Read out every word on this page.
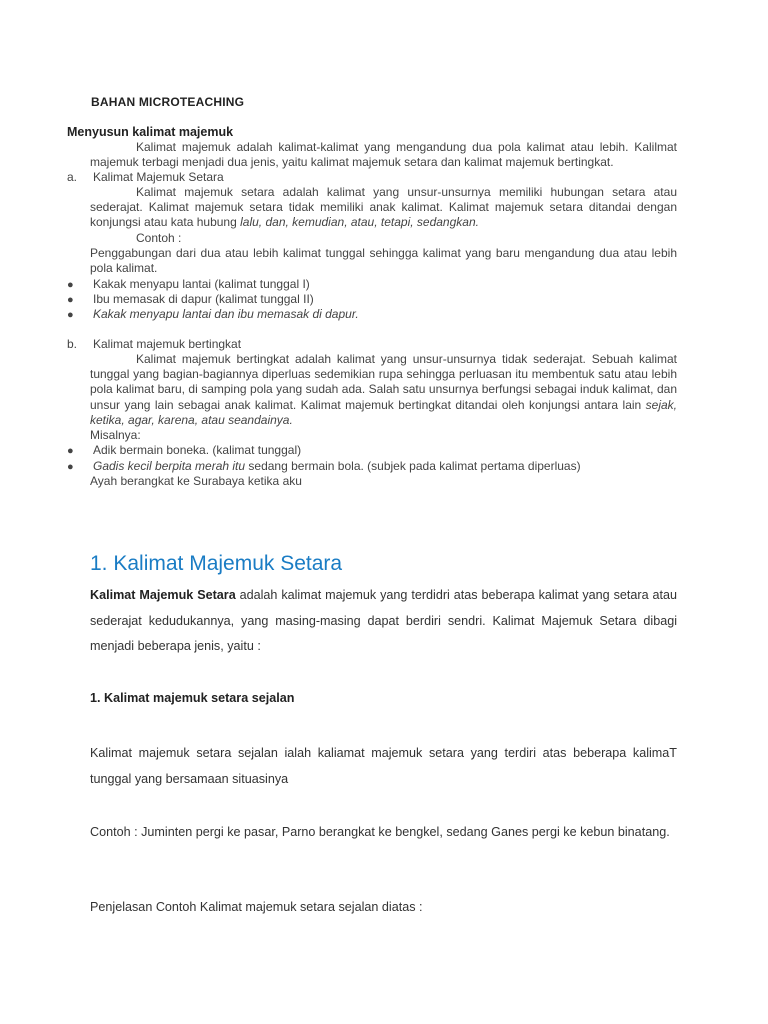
BAHAN MICROTEACHING
Menyusun kalimat majemuk

Kalimat majemuk adalah kalimat-kalimat yang mengandung dua pola kalimat atau lebih. Kalilmat majemuk terbagi menjadi dua jenis, yaitu kalimat majemuk setara dan kalimat majemuk bertingkat.

a. Kalimat Majemuk Setara

Kalimat majemuk setara adalah kalimat yang unsur-unsurnya memiliki hubungan setara atau sederajat. Kalimat majemuk setara tidak memiliki anak kalimat. Kalimat majemuk setara ditandai dengan konjungsi atau kata hubung lalu, dan, kemudian, atau, tetapi, sedangkan.

Contoh :

Penggabungan dari dua atau lebih kalimat tunggal sehingga kalimat yang baru mengandung dua atau lebih pola kalimat.

● Kakak menyapu lantai (kalimat tunggal I)
● Ibu memasak di dapur (kalimat tunggal II)
● Kakak menyapu lantai dan ibu memasak di dapur.
b. Kalimat majemuk bertingkat

Kalimat majemuk bertingkat adalah kalimat yang unsur-unsurnya tidak sederajat. Sebuah kalimat tunggal yang bagian-bagiannya diperluas sedemikian rupa sehingga perluasan itu membentuk satu atau lebih pola kalimat baru, di samping pola yang sudah ada. Salah satu unsurnya berfungsi sebagai induk kalimat, dan unsur yang lain sebagai anak kalimat. Kalimat majemuk bertingkat ditandai oleh konjungsi antara lain sejak, ketika, agar, karena, atau seandainya.

Misalnya:

● Adik bermain boneka. (kalimat tunggal)
● Gadis kecil berpita merah itu sedang bermain bola. (subjek pada kalimat pertama diperluas)

Ayah berangkat ke Surabaya ketika aku

1. Kalimat Majemuk Setara
Kalimat Majemuk Setara adalah kalimat majemuk yang terdidri atas beberapa kalimat yang setara atau sederajat kedudukannya, yang masing-masing dapat berdiri sendri. Kalimat Majemuk Setara dibagi menjadi beberapa jenis, yaitu :
1. Kalimat majemuk setara sejalan
Kalimat majemuk setara sejalan ialah kaliamat majemuk setara yang terdiri atas beberapa kalimaT tunggal yang bersamaan situasinya
Contoh : Juminten pergi ke pasar, Parno berangkat ke bengkel, sedang Ganes pergi ke kebun binatang.
Penjelasan Contoh Kalimat majemuk setara sejalan diatas :
